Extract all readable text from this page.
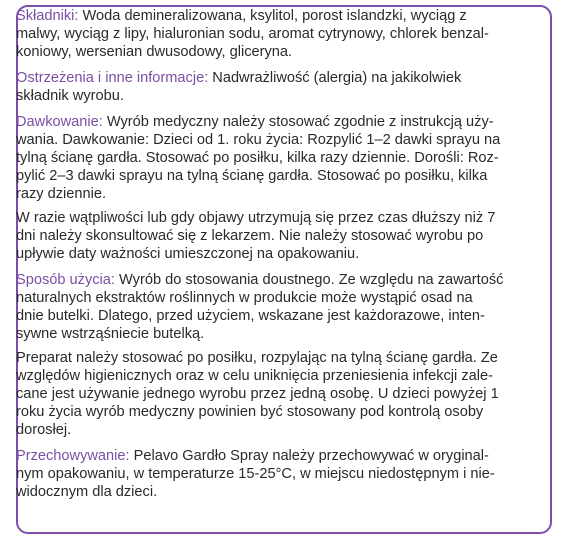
Składniki: Woda demineralizowana, ksylitol, porost islandzki, wyciąg z
malwy, wyciąg z lipy, hialuronian sodu, aromat cytrynowy, chlorek benzal-
koniowy, wersenian dwusodowy, gliceryna.
Ostrzeżenia i inne informacje: Nadwrażliwość (alergia) na jakikolwiek
składnik wyrobu.
Dawkowanie: Wyrób medyczny należy stosować zgodnie z instrukcją uży-
wania. Dawkowanie: Dzieci od 1. roku życia: Rozpylić 1–2 dawki sprayu na
tylną ścianę gardła. Stosować po posiłku, kilka razy dziennie. Dorośli: Roz-
pylić 2–3 dawki sprayu na tylną ścianę gardła. Stosować po posiłku, kilka
razy dziennie.
W razie wątpliwości lub gdy objawy utrzymują się przez czas dłuższy niż 7
dni należy skonsultować się z lekarzem. Nie należy stosować wyrobu po
upływie daty ważności umieszczonej na opakowaniu.
Sposób użycia: Wyrób do stosowania doustnego. Ze względu na zawartość
naturalnych ekstraktów roślinnych w produkcie może wystąpić osad na
dnie butelki. Dlatego, przed użyciem, wskazane jest każdorazowe, inten-
sywne wstrząśniecie butelką.
Preparat należy stosować po posiłku, rozpylając na tylną ścianę gardła. Ze
względów higienicznych oraz w celu uniknięcia przeniesienia infekcji zale-
cane jest używanie jednego wyrobu przez jedną osobę. U dzieci powyżej 1
roku życia wyrób medyczny powinien być stosowany pod kontrolą osoby
dorosłej.
Przechowywanie: Pelavo Gardło Spray należy przechowywać w oryginal-
nym opakowaniu, w temperaturze 15-25°C, w miejscu niedostępnym i nie-
widocznym dla dzieci.
